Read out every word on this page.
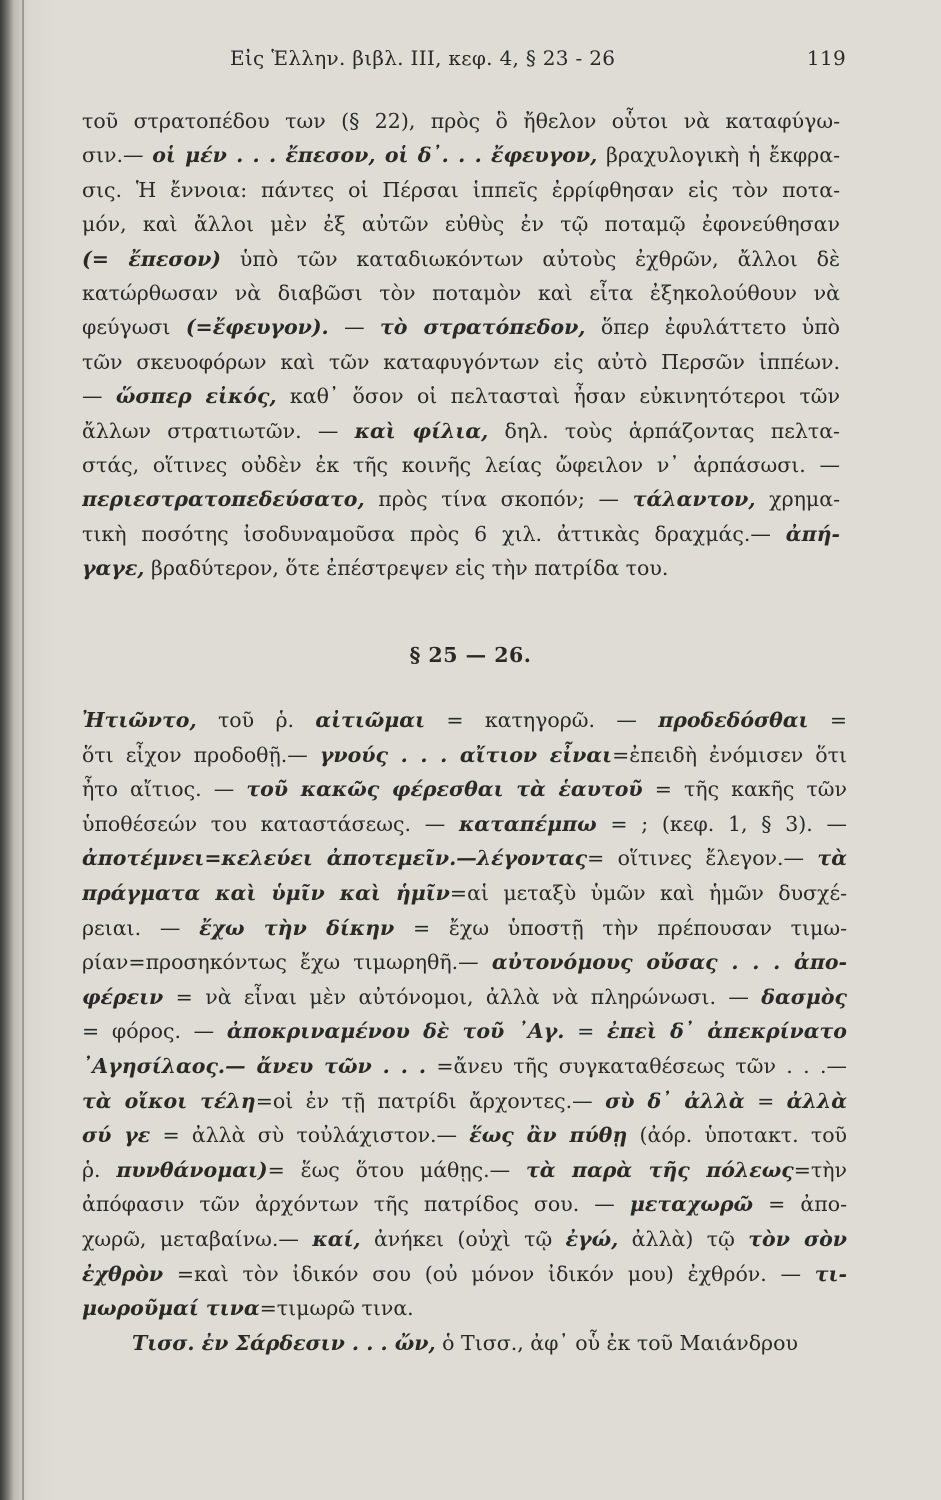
Εἰς Ἑλλην. βιβλ. III, κεφ. 4, § 23 - 26	119
τοῦ στρατοπέδου των (§ 22), πρὸς ὃ ἤθελον οὗτοι νὰ καταφύγω-
σιν.— οἱ μέν . . . ἔπεσον, οἱ δ᾽. . . ἔφευγον, βραχυλογικὴ ἡ ἔκφρα-
σις. Ἡ ἔννοια: πάντες οἱ Πέρσαι ἱππεῖς ἐρρίφθησαν εἰς τὸν ποτα-
μόν, καὶ ἄλλοι μὲν ἐξ αὐτῶν εὐθὺς ἐν τῷ ποταμῷ ἐφονεύθησαν
(= ἔπεσον) ὑπὸ τῶν καταδιωκόντων αὐτοὺς ἐχθρῶν, ἄλλοι δὲ
κατώρθωσαν νὰ διαβῶσι τὸν ποταμὸν καὶ εἶτα ἐξηκολούθουν νὰ
φεύγωσι (=ἔφευγον). — τὸ στρατόπεδον, ὅπερ ἐφυλάττετο ὑπὸ
τῶν σκευοφόρων καὶ τῶν καταφυγόντων εἰς αὐτὸ Περσῶν ἱππέων.
— ὥσπερ εἰκός, καθ᾽ ὅσον οἱ πελτασταὶ ἦσαν εὐκινητότεροι τῶν
ἄλλων στρατιωτῶν. — καὶ φίλια, δηλ. τοὺς ἁρπάζοντας πελτα-
στάς, οἵτινες οὐδὲν ἐκ τῆς κοινῆς λείας ὤφειλον ν᾽ ἁρπάσωσι. —
περιεστρατοπεδεύσατο, πρὸς τίνα σκοπόν; — τάλαντον, χρημα-
τικὴ ποσότης ἰσοδυναμοῦσα πρὸς 6 χιλ. ἀττικὰς δραχμάς.— ἀπή-
γαγε, βραδύτερον, ὅτε ἐπέστρεψεν εἰς τὴν πατρίδα του.
§ 25 — 26.
Ἠτιῶντο, τοῦ ῥ. αἰτιῶμαι = κατηγορῶ. — προδεδόσθαι =
ὅτι εἶχον προδοθῇ.— γνούς . . . αἴτιον εἶναι=ἐπειδὴ ἐνόμισεν ὅτι
ἦτο αἴτιος. — τοῦ κακῶς φέρεσθαι τὰ ἑαυτοῦ = τῆς κακῆς τῶν
ὑποθέσεών του καταστάσεως. — καταπέμπω = ; (κεφ. 1, § 3). —
ἀποτέμνει=κελεύει ἀποτεμεῖν.—λέγοντας= οἵτινες ἔλεγον.— τὰ
πράγματα καὶ ὑμῖν καὶ ἡμῖν=αἱ μεταξὺ ὑμῶν καὶ ἡμῶν δυσχέ-
ρειαι. — ἔχω τὴν δίκην = ἔχω ὑποστῇ τὴν πρέπουσαν τιμω-
ρίαν=προσηκόντως ἔχω τιμωρηθῆ.— αὐτονόμους οὔσας . . . ἀπο-
φέρειν = νὰ εἶναι μὲν αὐτόνομοι, ἀλλὰ νὰ πληρώνωσι. — δασμὸς
= φόρος. — ἀποκριναμένου δὲ τοῦ ᾽Αγ. = ἐπεὶ δ᾽ ἀπεκρίνατο
᾽Αγησίλαος.— ἄνευ τῶν . . . =ἄνευ τῆς συγκαταθέσεως τῶν . . .—
τὰ οἴκοι τέλη=οἱ ἐν τῇ πατρίδι ἄρχοντες.— σὺ δ᾽ ἀλλὰ = ἀλλὰ
σύ γε = ἀλλὰ σὺ τοὐλάχιστον.— ἕως ἂν πύθῃ (ἀόρ. ὑποτακτ. τοῦ
ῥ. πυνθάνομαι)= ἕως ὅτου μάθῃς.— τὰ παρὰ τῆς πόλεως=τὴν
ἀπόφασιν τῶν ἀρχόντων τῆς πατρίδος σου. — μεταχωρῶ = ἀπο-
χωρῶ, μεταβαίνω.— καί, ἀνήκει (οὐχὶ τῷ ἐγώ, ἀλλὰ) τῷ τὸν σὸν
ἐχθρὸν =καὶ τὸν ἰδικόν σου (οὐ μόνον ἰδικόν μου) ἐχθρόν. — τι-
μωροῦμαί τινα=τιμωρῶ τινα.
Τισσ. ἐν Σάρδεσιν . . . ὤν, ὁ Τισσ., ἀφ᾽ οὗ ἐκ τοῦ Μαιάνδρου
